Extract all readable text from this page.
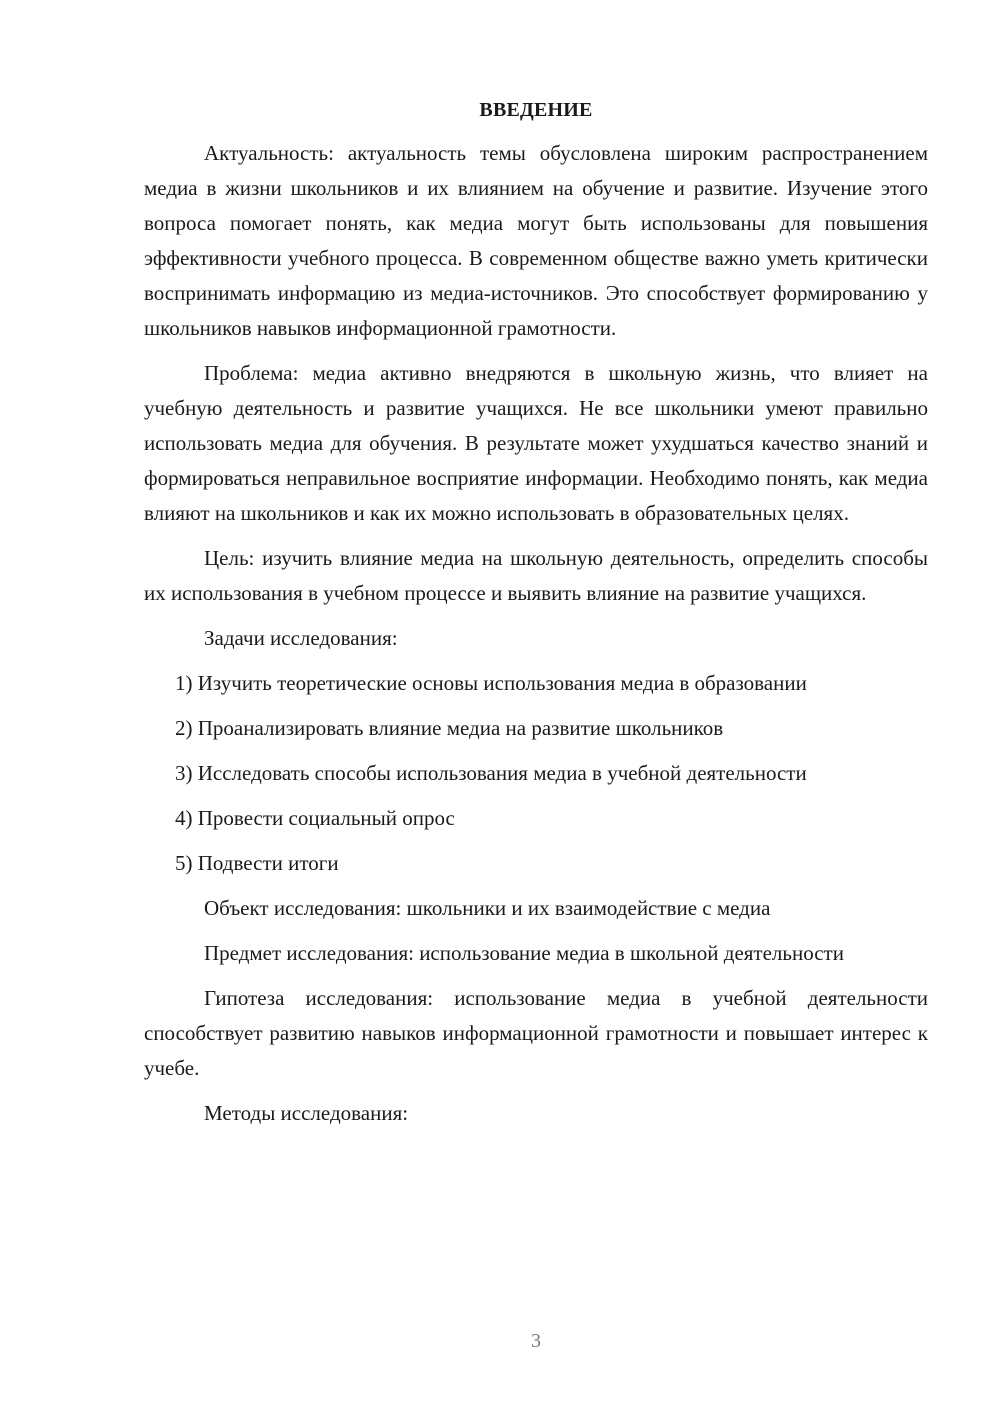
ВВЕДЕНИЕ

Актуальность: актуальность темы обусловлена широким распространением медиа в жизни школьников и их влиянием на обучение и развитие. Изучение этого вопроса помогает понять, как медиа могут быть использованы для повышения эффективности учебного процесса. В современном обществе важно уметь критически воспринимать информацию из медиа-источников. Это способствует формированию у школьников навыков информационной грамотности.

Проблема: медиа активно внедряются в школьную жизнь, что влияет на учебную деятельность и развитие учащихся. Не все школьники умеют правильно использовать медиа для обучения. В результате может ухудшаться качество знаний и формироваться неправильное восприятие информации. Необходимо понять, как медиа влияют на школьников и как их можно использовать в образовательных целях.

Цель: изучить влияние медиа на школьную деятельность, определить способы их использования в учебном процессе и выявить влияние на развитие учащихся.

Задачи исследования:

1) Изучить теоретические основы использования медиа в образовании
2) Проанализировать влияние медиа на развитие школьников
3) Исследовать способы использования медиа в учебной деятельности
4) Провести социальный опрос
5) Подвести итоги

Объект исследования: школьники и их взаимодействие с медиа

Предмет исследования: использование медиа в школьной деятельности

Гипотеза исследования: использование медиа в учебной деятельности способствует развитию навыков информационной грамотности и повышает интерес к учебе.

Методы исследования:

3
